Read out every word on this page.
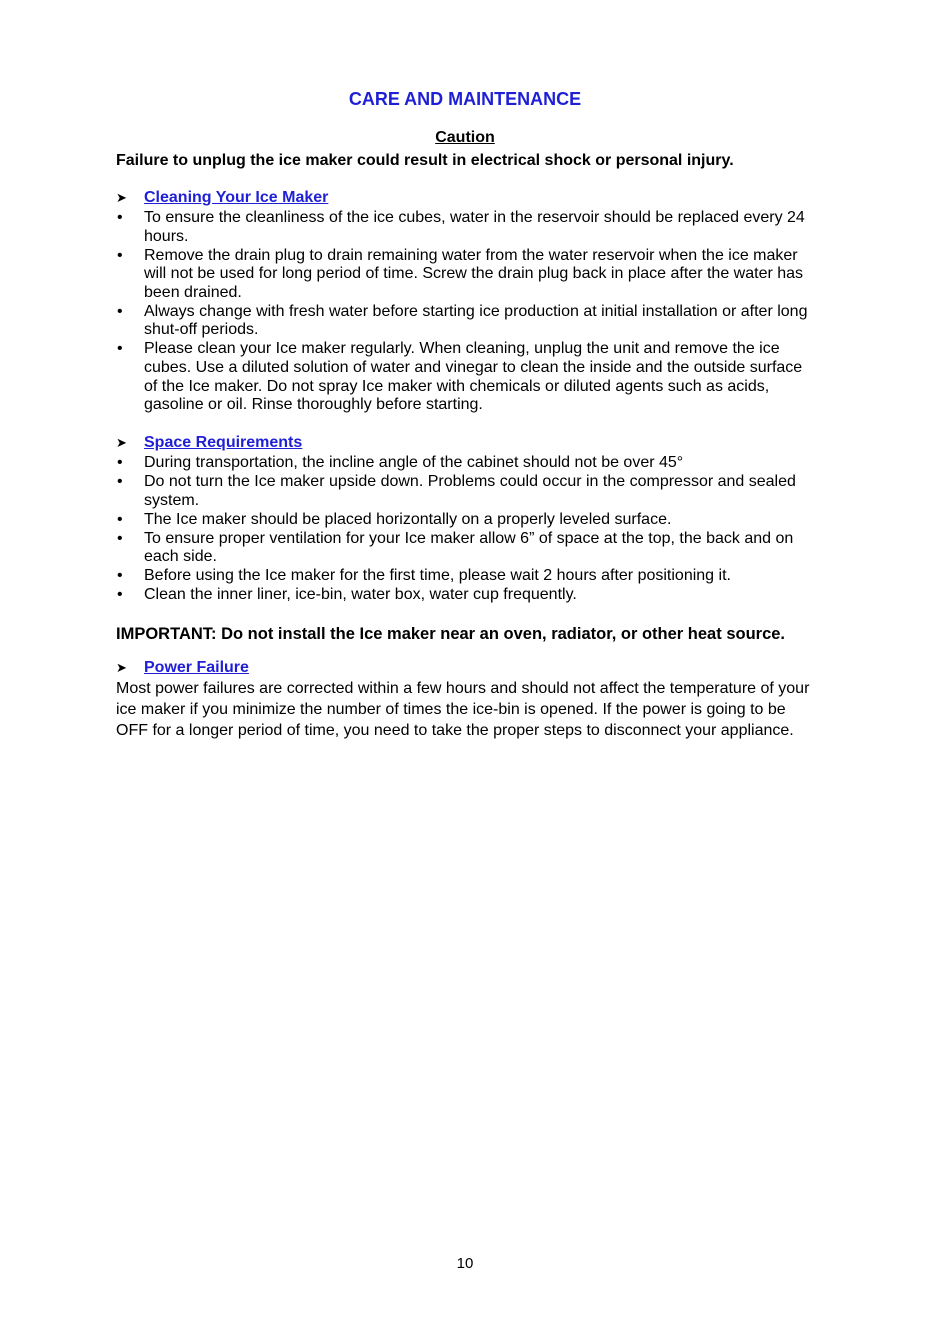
CARE AND MAINTENANCE
Caution
Failure to unplug the ice maker could result in electrical shock or personal injury.
➤	Cleaning Your Ice Maker
• To ensure the cleanliness of the ice cubes, water in the reservoir should be replaced every 24 hours.
• Remove the drain plug to drain remaining water from the water reservoir when the ice maker will not be used for long period of time. Screw the drain plug back in place after the water has been drained.
• Always change with fresh water before starting ice production at initial installation or after long shut-off periods.
• Please clean your Ice maker regularly. When cleaning, unplug the unit and remove the ice cubes. Use a diluted solution of water and vinegar to clean the inside and the outside surface of the Ice maker. Do not spray Ice maker with chemicals or diluted agents such as acids, gasoline or oil. Rinse thoroughly before starting.
➤	Space Requirements
• During transportation, the incline angle of the cabinet should not be over 45°
• Do not turn the Ice maker upside down. Problems could occur in the compressor and sealed system.
• The Ice maker should be placed horizontally on a properly leveled surface.
• To ensure proper ventilation for your Ice maker allow 6” of space at the top, the back and on each side.
• Before using the Ice maker for the first time, please wait 2 hours after positioning it.
• Clean the inner liner, ice-bin, water box, water cup frequently.
IMPORTANT: Do not install the Ice maker near an oven, radiator, or other heat source.
➤	Power Failure

Most power failures are corrected within a few hours and should not affect the temperature of your ice maker if you minimize the number of times the ice-bin is opened. If the power is going to be OFF for a longer period of time, you need to take the proper steps to disconnect your appliance.

10
